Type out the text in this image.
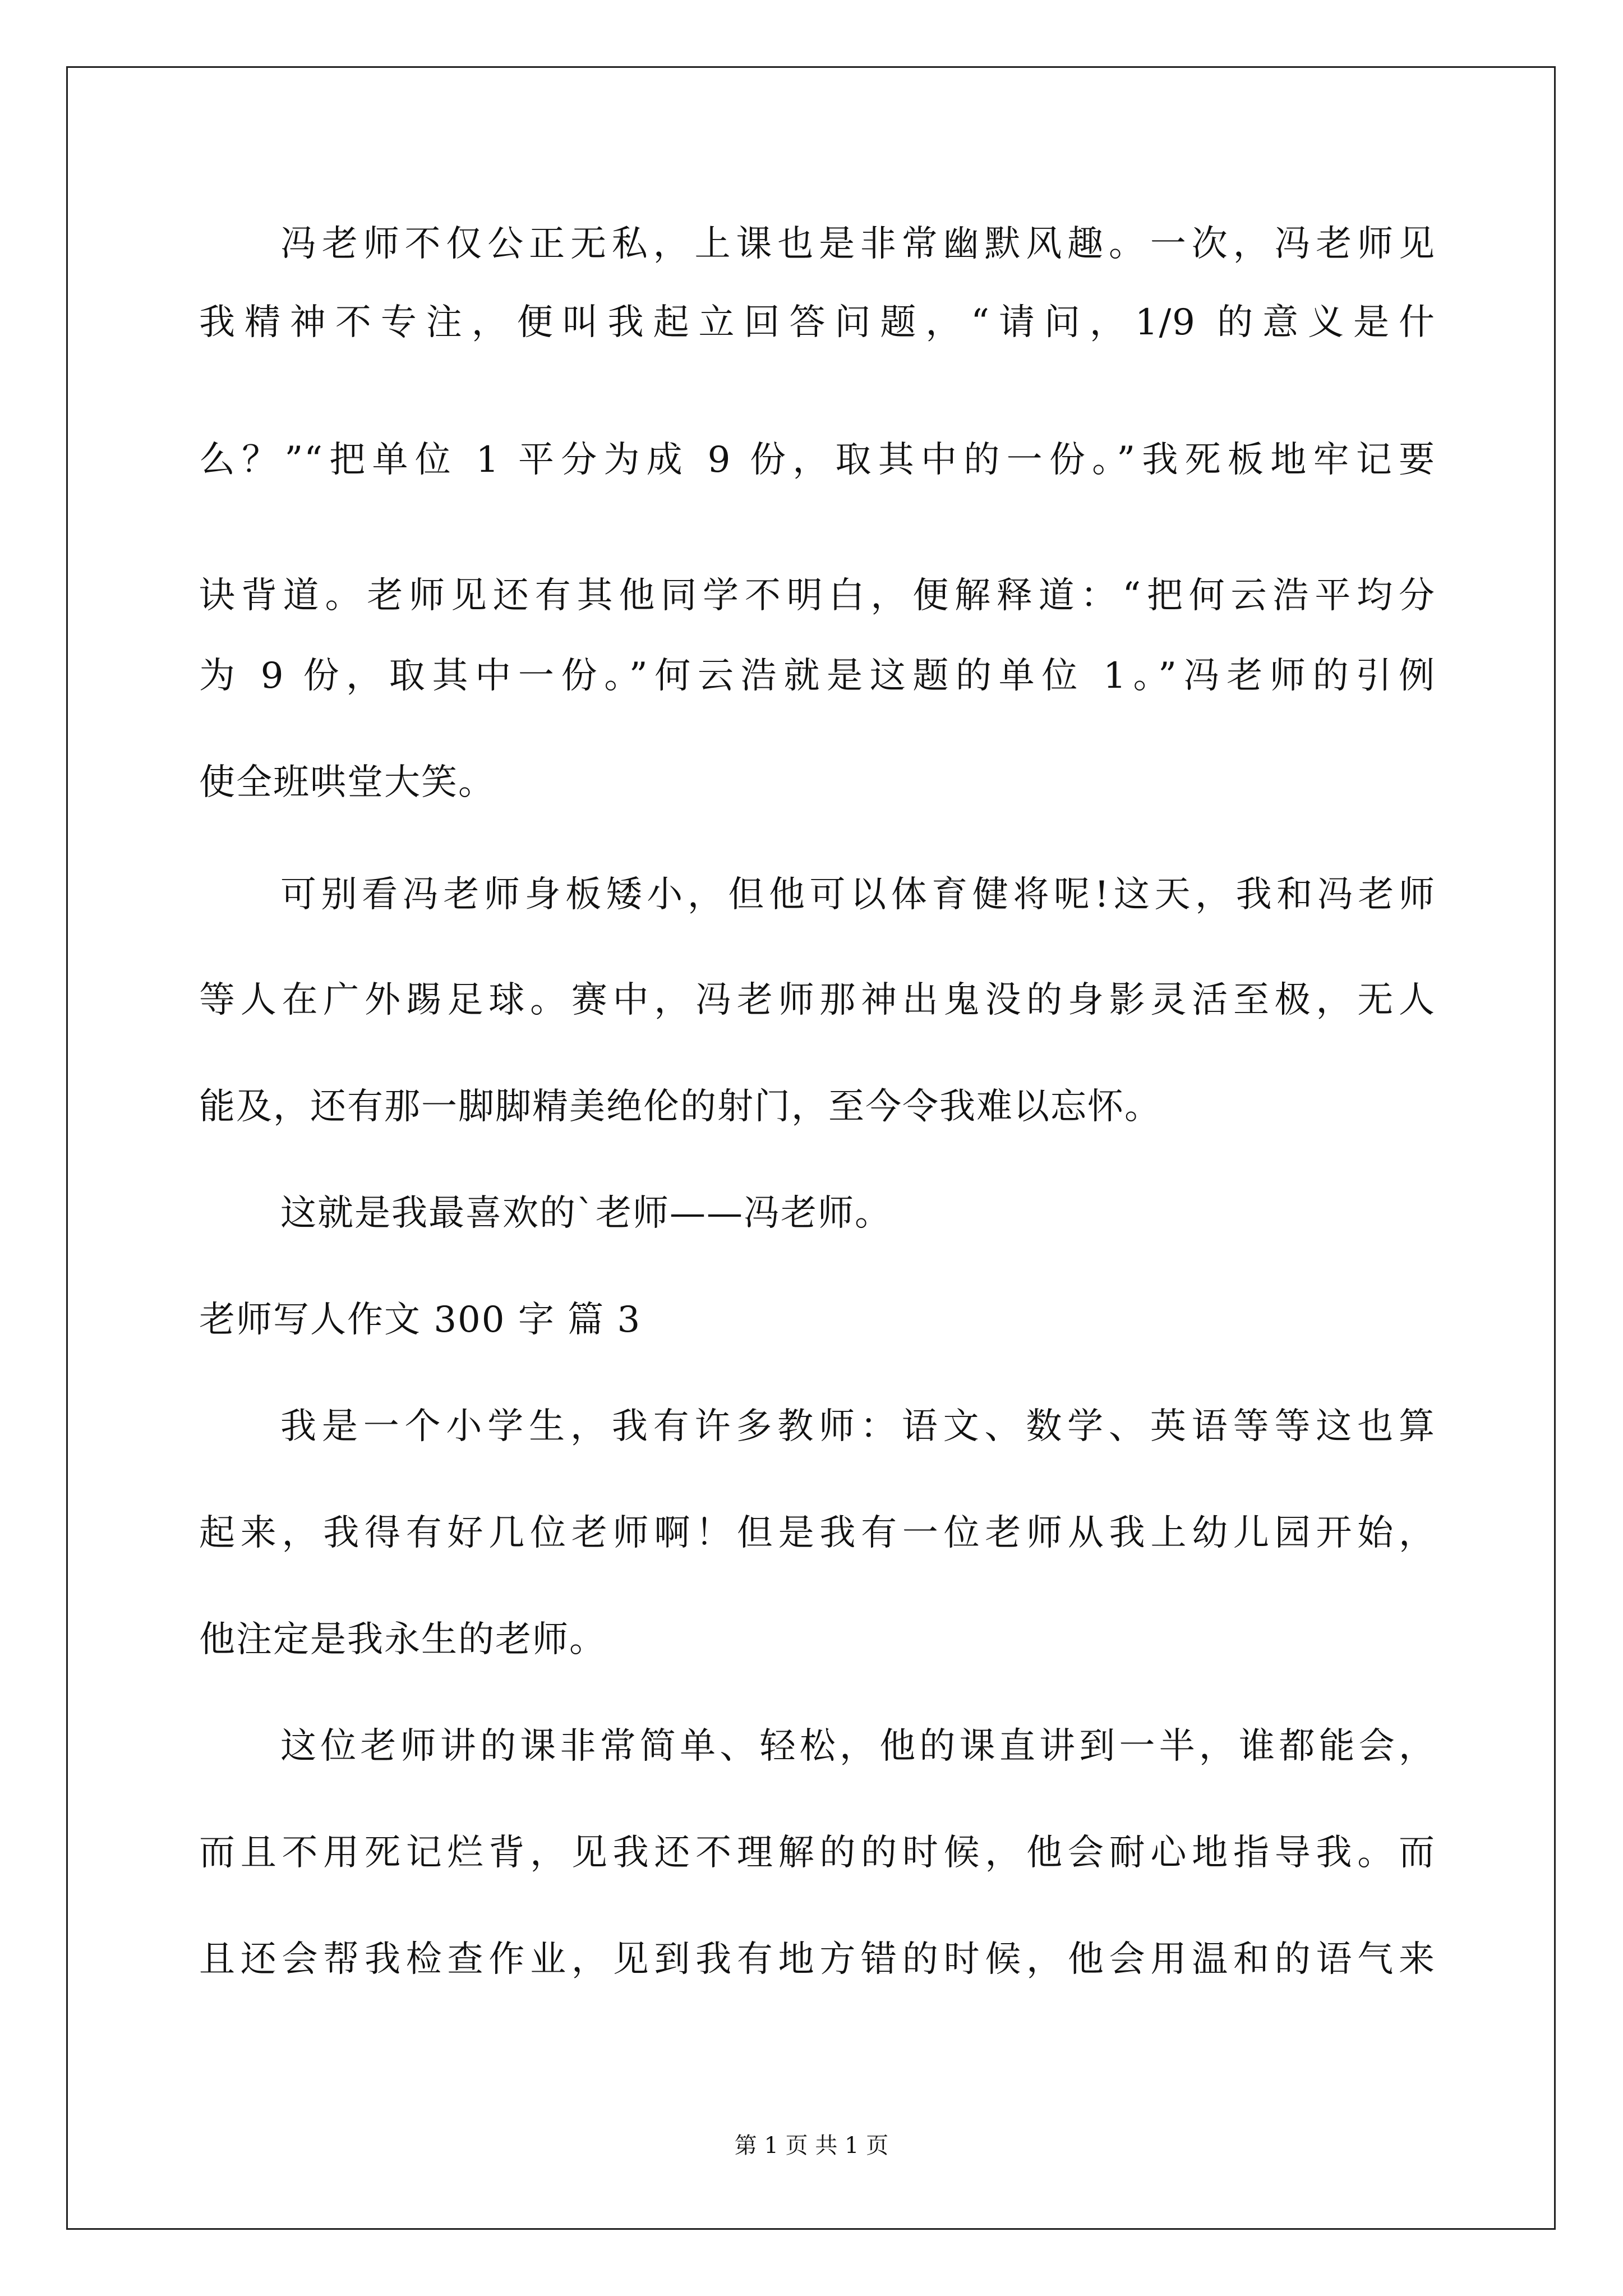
冯老师不仅公正无私，上课也是非常幽默风趣。一次，冯老师见
我精神不专注，便叫我起立回答问题，“请问，1/9 的意义是什
么？”“把单位 1 平分为成 9 份，取其中的一份。”我死板地牢记要
诀背道。老师见还有其他同学不明白，便解释道：“把何云浩平均分
为 9 份，取其中一份。”何云浩就是这题的单位 1。”冯老师的引例
使全班哄堂大笑。
可别看冯老师身板矮小，但他可以体育健将呢!这天，我和冯老师
等人在广外踢足球。赛中，冯老师那神出鬼没的身影灵活至极，无人
能及，还有那一脚脚精美绝伦的射门，至今令我难以忘怀。
这就是我最喜欢的`老师——冯老师。
老师写人作文 300 字 篇 3
我是一个小学生，我有许多教师：语文、数学、英语等等这也算
起来，我得有好几位老师啊！但是我有一位老师从我上幼儿园开始，
他注定是我永生的老师。
这位老师讲的课非常简单、轻松，他的课直讲到一半，谁都能会，
而且不用死记烂背，见我还不理解的的时候，他会耐心地指导我。而
且还会帮我检查作业，见到我有地方错的时候，他会用温和的语气来
第 1 页 共 1 页
